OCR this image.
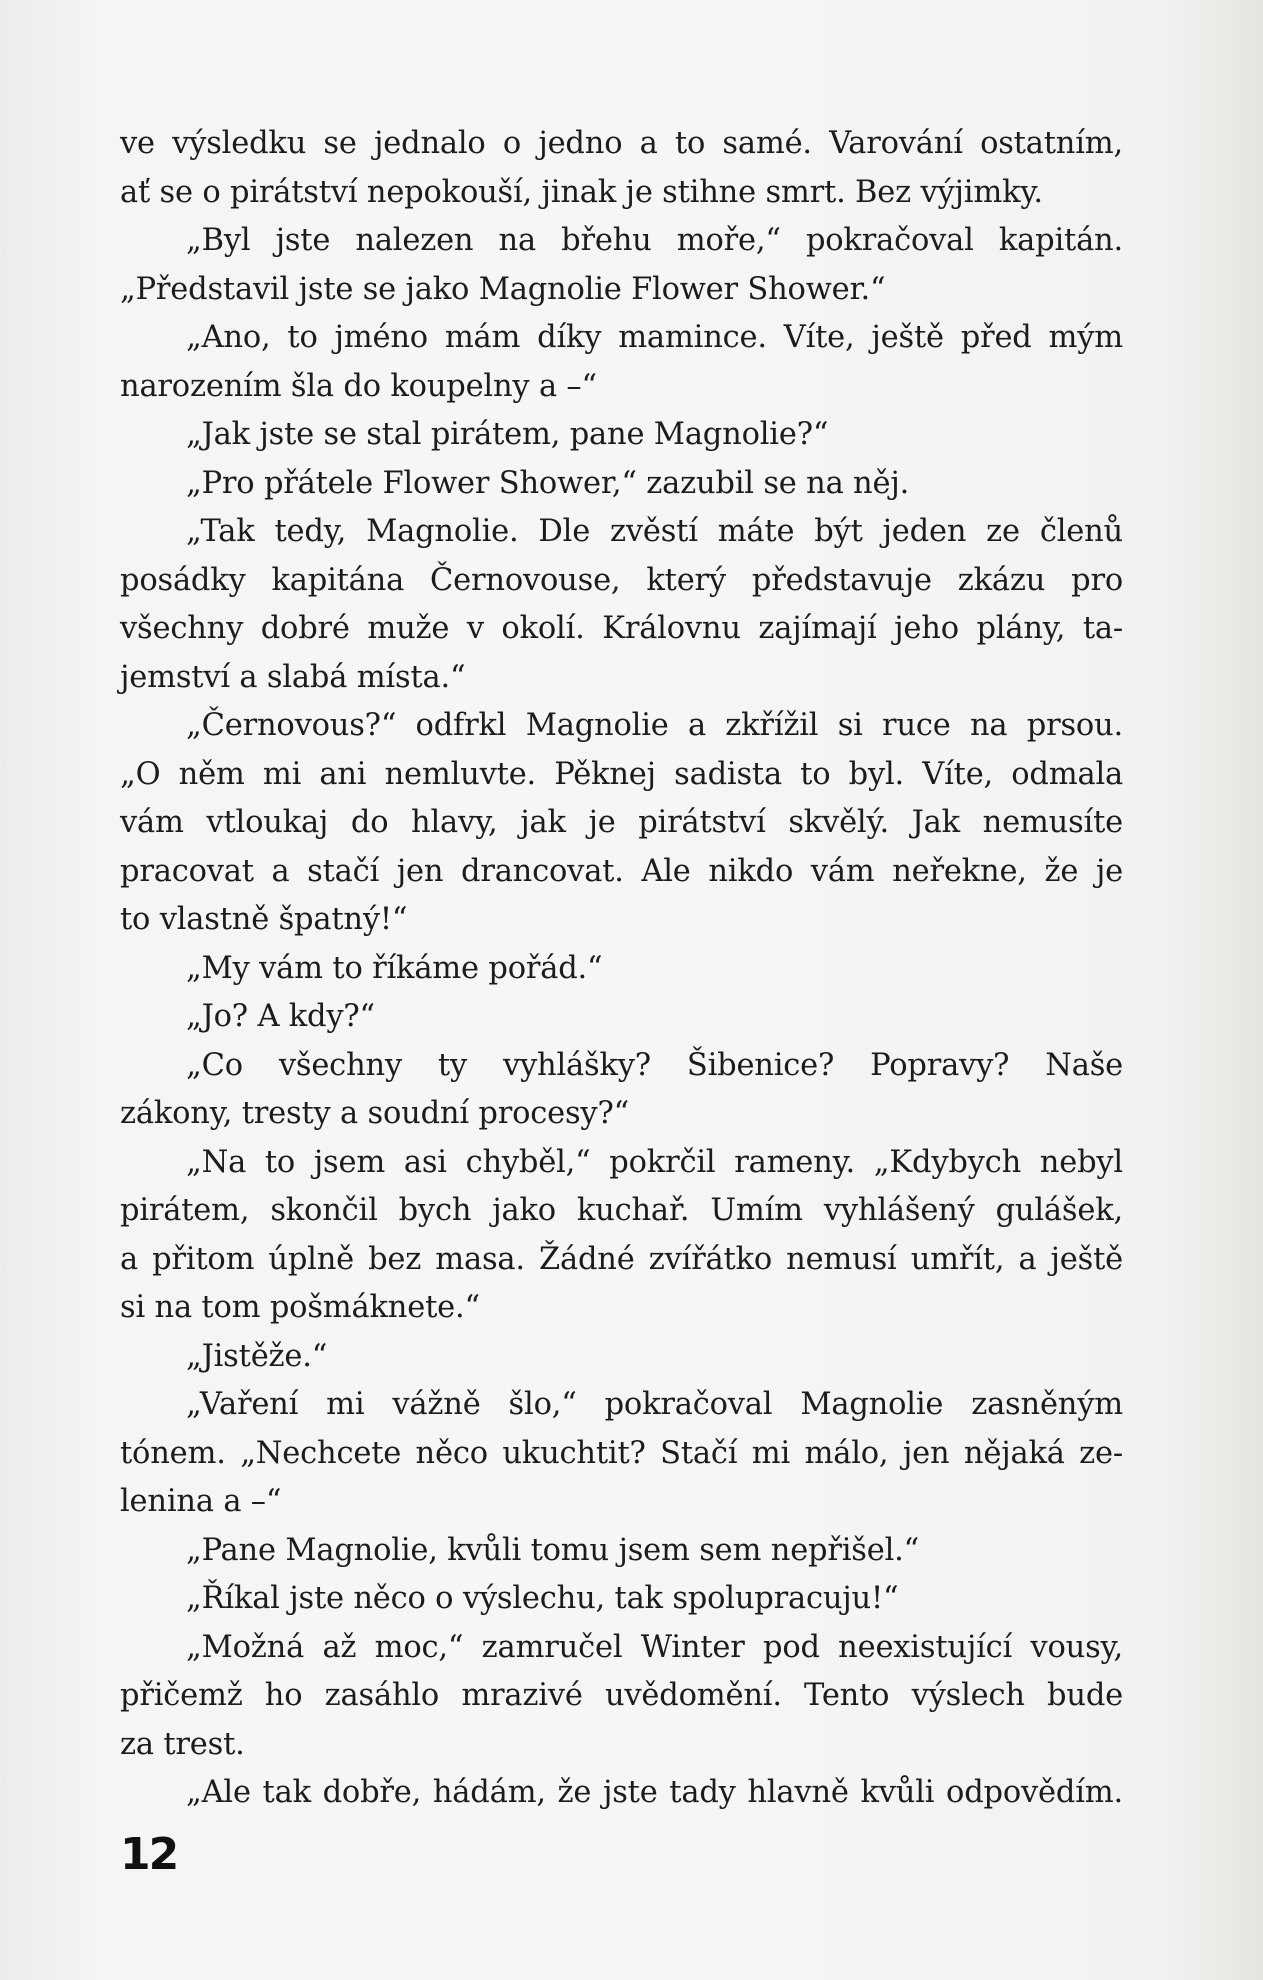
ve výsledku se jednalo o jedno a to samé. Varování ostatním,
ať se o pirátství nepokouší, jinak je stihne smrt. Bez výjimky.
„Byl jste nalezen na břehu moře,“ pokračoval kapitán.
„Představil jste se jako Magnolie Flower Shower.“
„Ano, to jméno mám díky mamince. Víte, ještě před mým
narozením šla do koupelny a –“
„Jak jste se stal pirátem, pane Magnolie?“
„Pro přátele Flower Shower,“ zazubil se na něj.
„Tak tedy, Magnolie. Dle zvěstí máte být jeden ze členů
posádky kapitána Černovouse, který představuje zkázu pro
všechny dobré muže v okolí. Královnu zajímají jeho plány, ta-
jemství a slabá místa.“
„Černovous?“ odfrkl Magnolie a zkřížil si ruce na prsou.
„O něm mi ani nemluvte. Pěknej sadista to byl. Víte, odmala
vám vtloukaj do hlavy, jak je pirátství skvělý. Jak nemusíte
pracovat a stačí jen drancovat. Ale nikdo vám neřekne, že je
to vlastně špatný!“
„My vám to říkáme pořád.“
„Jo? A kdy?“
„Co všechny ty vyhlášky? Šibenice? Popravy? Naše
zákony, tresty a soudní procesy?“
„Na to jsem asi chyběl,“ pokrčil rameny. „Kdybych nebyl
pirátem, skončil bych jako kuchař. Umím vyhlášený gulášek,
a přitom úplně bez masa. Žádné zvířátko nemusí umřít, a ještě
si na tom pošmáknete.“
„Jistěže.“
„Vaření mi vážně šlo,“ pokračoval Magnolie zasněným
tónem. „Nechcete něco ukuchtit? Stačí mi málo, jen nějaká ze-
lenina a –“
„Pane Magnolie, kvůli tomu jsem sem nepřišel.“
„Říkal jste něco o výslechu, tak spolupracuju!“
„Možná až moc,“ zamručel Winter pod neexistující vousy,
přičemž ho zasáhlo mrazivé uvědomění. Tento výslech bude
za trest.
„Ale tak dobře, hádám, že jste tady hlavně kvůli odpovědím.
12
